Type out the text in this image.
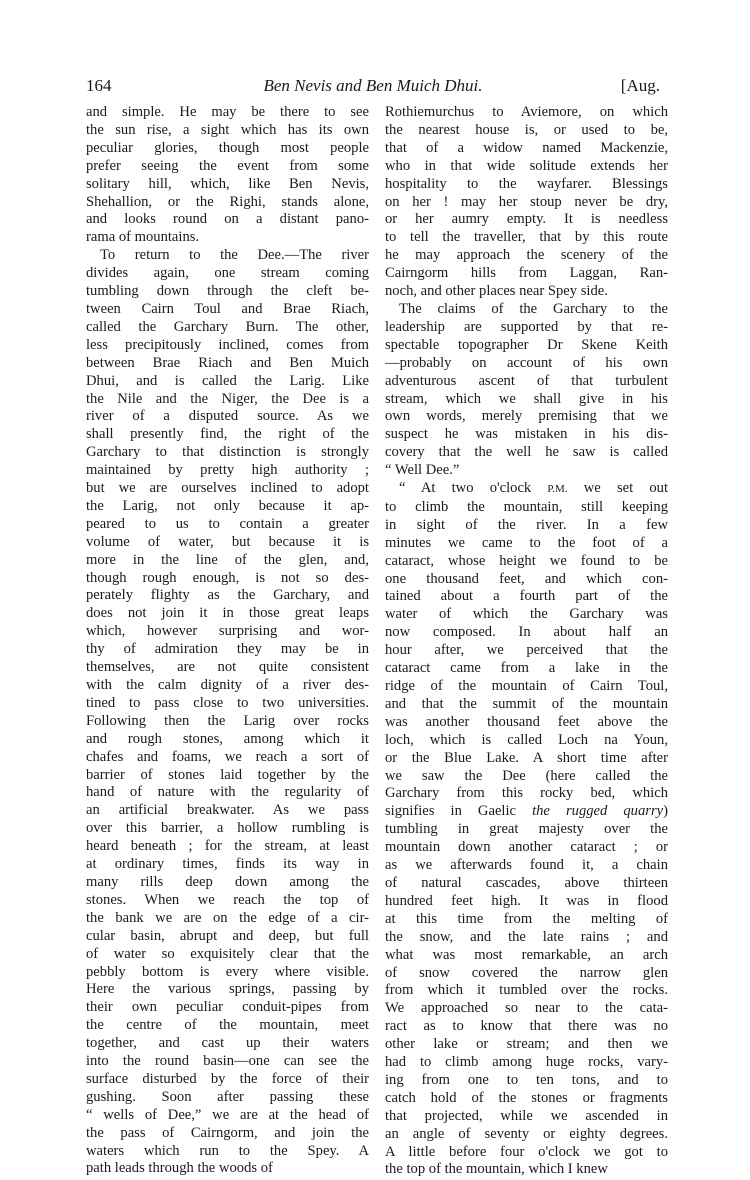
164	Ben Nevis and Ben Muich Dhui.	[Aug.
and simple. He may be there to see
the sun rise, a sight which has its own
peculiar glories, though most people
prefer seeing the event from some
solitary hill, which, like Ben Nevis,
Shehallion, or the Righi, stands alone,
and looks round on a distant pano-
rama of mountains.
To return to the Dee.—The river
divides again, one stream coming
tumbling down through the cleft be-
tween Cairn Toul and Brae Riach,
called the Garchary Burn. The other,
less precipitously inclined, comes from
between Brae Riach and Ben Muich
Dhui, and is called the Larig. Like
the Nile and the Niger, the Dee is a
river of a disputed source. As we
shall presently find, the right of the
Garchary to that distinction is strongly
maintained by pretty high authority ;
but we are ourselves inclined to adopt
the Larig, not only because it ap-
peared to us to contain a greater
volume of water, but because it is
more in the line of the glen, and,
though rough enough, is not so des-
perately flighty as the Garchary, and
does not join it in those great leaps
which, however surprising and wor-
thy of admiration they may be in
themselves, are not quite consistent
with the calm dignity of a river des-
tined to pass close to two universities.
Following then the Larig over rocks
and rough stones, among which it
chafes and foams, we reach a sort of
barrier of stones laid together by the
hand of nature with the regularity of
an artificial breakwater. As we pass
over this barrier, a hollow rumbling is
heard beneath ; for the stream, at least
at ordinary times, finds its way in
many rills deep down among the
stones. When we reach the top of
the bank we are on the edge of a cir-
cular basin, abrupt and deep, but full
of water so exquisitely clear that the
pebbly bottom is every where visible.
Here the various springs, passing by
their own peculiar conduit-pipes from
the centre of the mountain, meet
together, and cast up their waters
into the round basin—one can see the
surface disturbed by the force of their
gushing. Soon after passing these
“ wells of Dee,” we are at the head of
the pass of Cairngorm, and join the
waters which run to the Spey. A
path leads through the woods of
Rothiemurchus to Aviemore, on which
the nearest house is, or used to be,
that of a widow named Mackenzie,
who in that wide solitude extends her
hospitality to the wayfarer. Blessings
on her ! may her stoup never be dry,
or her aumry empty. It is needless
to tell the traveller, that by this route
he may approach the scenery of the
Cairngorm hills from Laggan, Ran-
noch, and other places near Spey side.
The claims of the Garchary to the
leadership are supported by that re-
spectable topographer Dr Skene Keith
—probably on account of his own
adventurous ascent of that turbulent
stream, which we shall give in his
own words, merely premising that we
suspect he was mistaken in his dis-
covery that the well he saw is called
“ Well Dee.”
“ At two o'clock P.M. we set out
to climb the mountain, still keeping
in sight of the river. In a few
minutes we came to the foot of a
cataract, whose height we found to be
one thousand feet, and which con-
tained about a fourth part of the
water of which the Garchary was
now composed. In about half an
hour after, we perceived that the
cataract came from a lake in the
ridge of the mountain of Cairn Toul,
and that the summit of the mountain
was another thousand feet above the
loch, which is called Loch na Youn,
or the Blue Lake. A short time after
we saw the Dee (here called the
Garchary from this rocky bed, which
signifies in Gaelic the rugged quarry)
tumbling in great majesty over the
mountain down another cataract ; or
as we afterwards found it, a chain
of natural cascades, above thirteen
hundred feet high. It was in flood
at this time from the melting of
the snow, and the late rains ; and
what was most remarkable, an arch
of snow covered the narrow glen
from which it tumbled over the rocks.
We approached so near to the cata-
ract as to know that there was no
other lake or stream; and then we
had to climb among huge rocks, vary-
ing from one to ten tons, and to
catch hold of the stones or fragments
that projected, while we ascended in
an angle of seventy or eighty degrees.
A little before four o'clock we got to
the top of the mountain, which I knew
